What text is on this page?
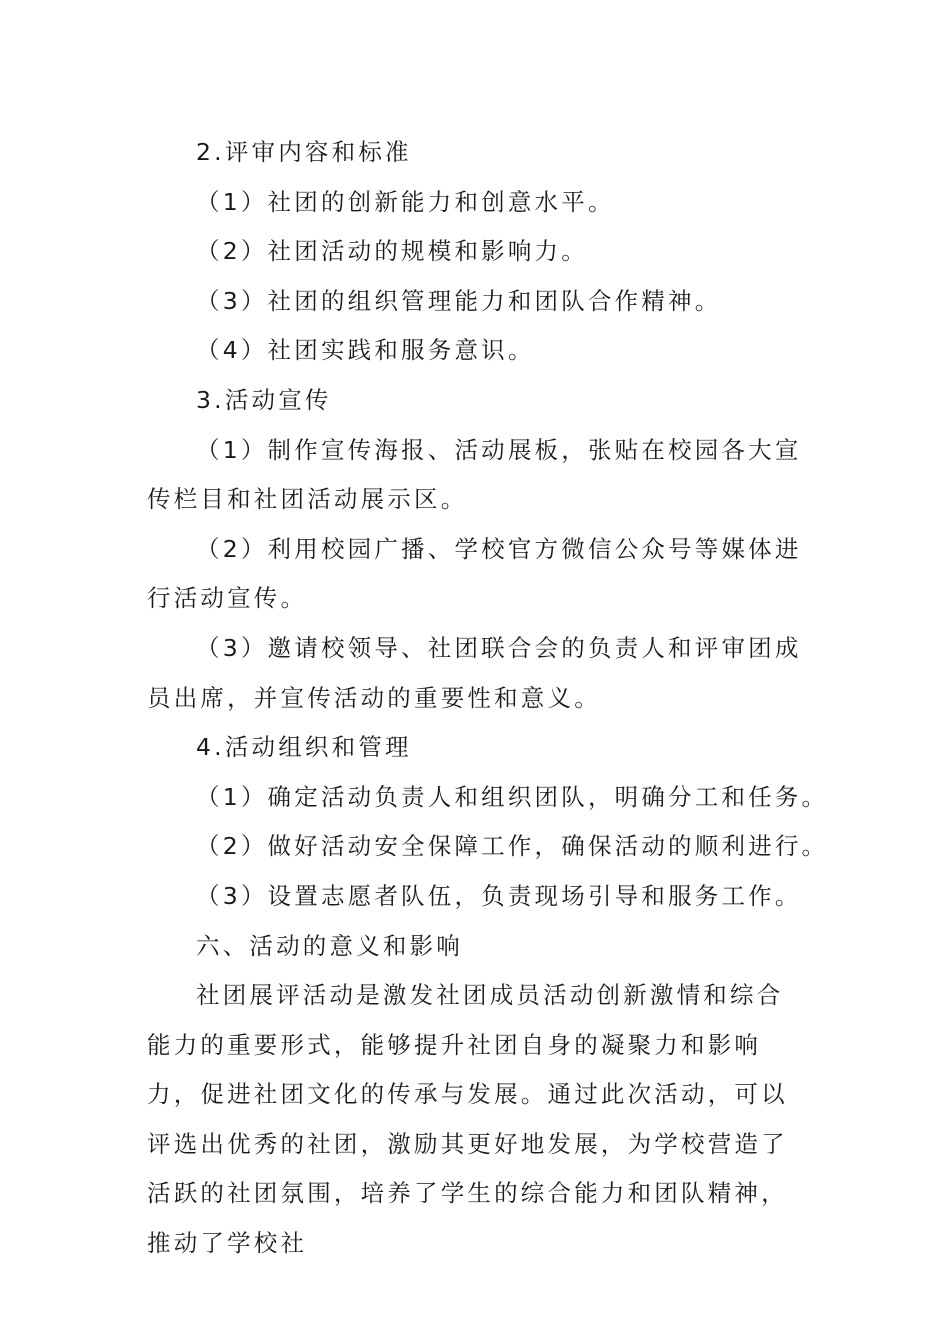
2.评审内容和标准

（1）社团的创新能力和创意水平。

（2）社团活动的规模和影响力。

（3）社团的组织管理能力和团队合作精神。

（4）社团实践和服务意识。

3.活动宣传

（1）制作宣传海报、活动展板，张贴在校园各大宣传栏目和社团活动展示区。

（2）利用校园广播、学校官方微信公众号等媒体进行活动宣传。

（3）邀请校领导、社团联合会的负责人和评审团成员出席，并宣传活动的重要性和意义。

4.活动组织和管理

（1）确定活动负责人和组织团队，明确分工和任务。

（2）做好活动安全保障工作，确保活动的顺利进行。

（3）设置志愿者队伍，负责现场引导和服务工作。

六、活动的意义和影响

社团展评活动是激发社团成员活动创新激情和综合能力的重要形式，能够提升社团自身的凝聚力和影响力，促进社团文化的传承与发展。通过此次活动，可以评选出优秀的社团，激励其更好地发展，为学校营造了活跃的社团氛围，培养了学生的综合能力和团队精神，推动了学校社
